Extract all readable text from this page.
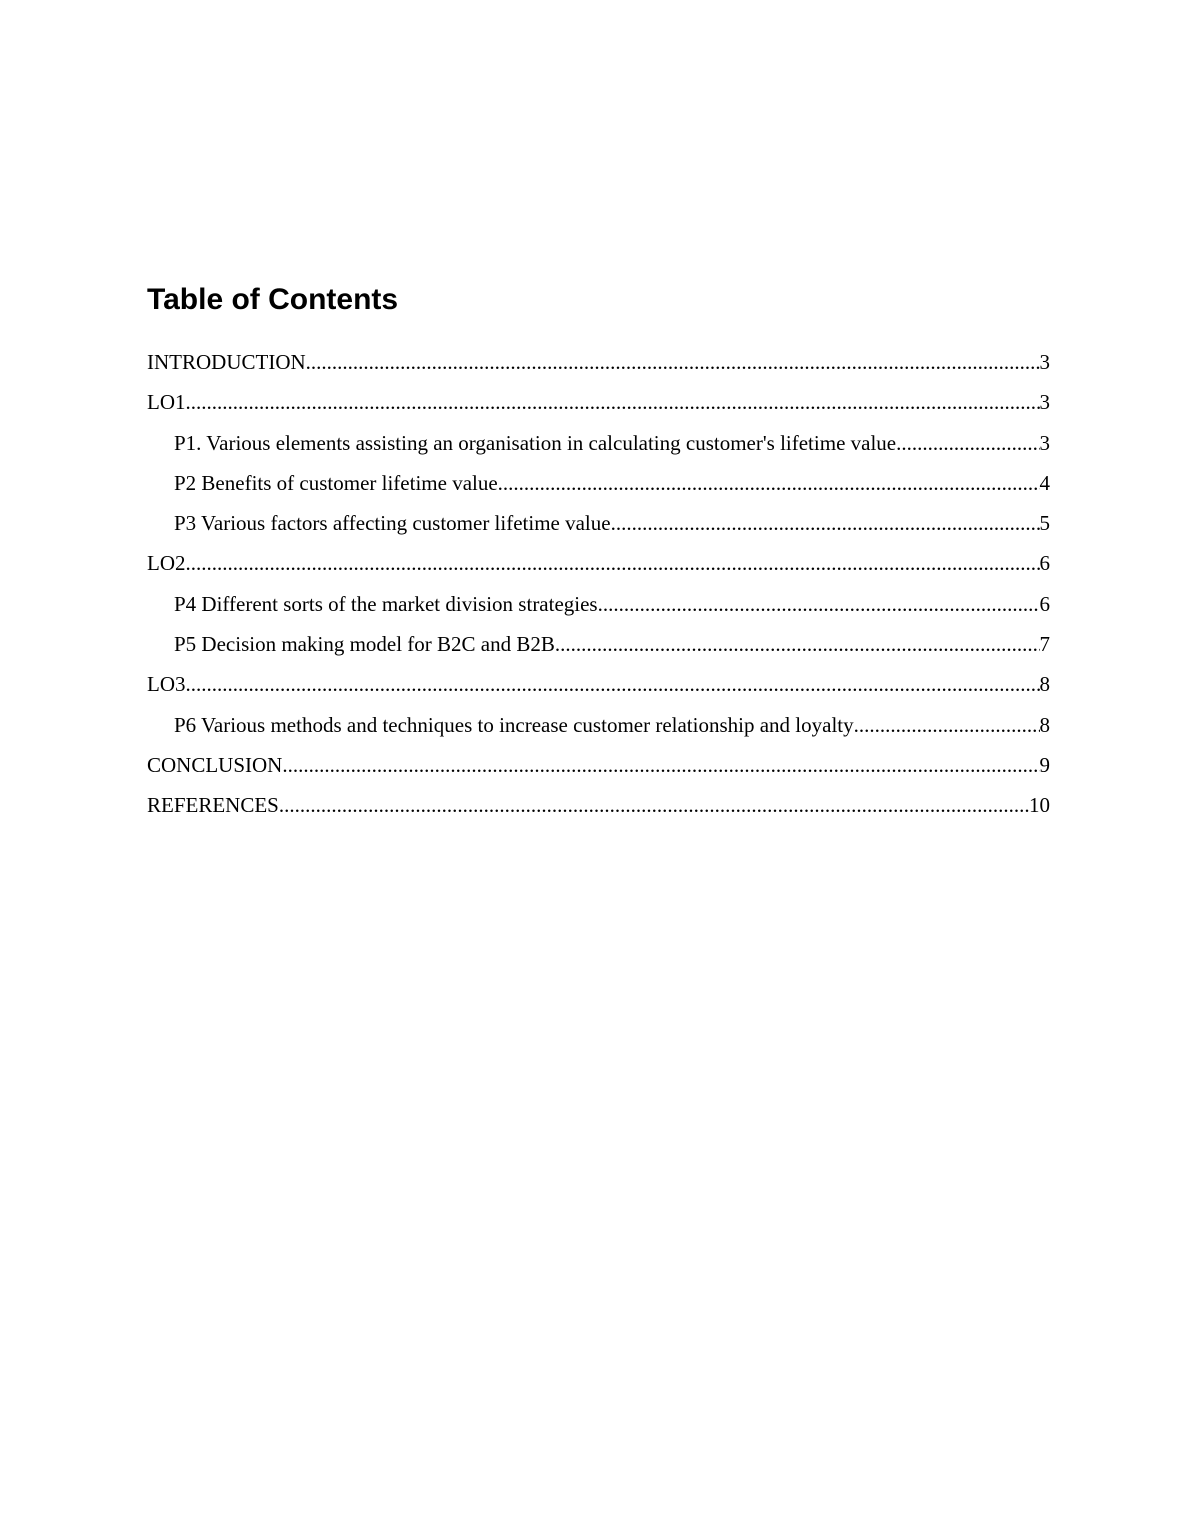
Table of Contents
INTRODUCTION .....	3
LO1 .....	3
P1. Various elements assisting an organisation in calculating customer's lifetime value .....	3
P2 Benefits of customer lifetime value .....	4
P3 Various factors affecting customer lifetime value .....	5
LO2 .....	6
P4 Different sorts of the market division strategies .....	6
P5 Decision making model for B2C and B2B .....	7
LO3 .....	8
P6 Various methods and techniques to increase customer relationship and loyalty .....	8
CONCLUSION .....	9
REFERENCES .....	10
